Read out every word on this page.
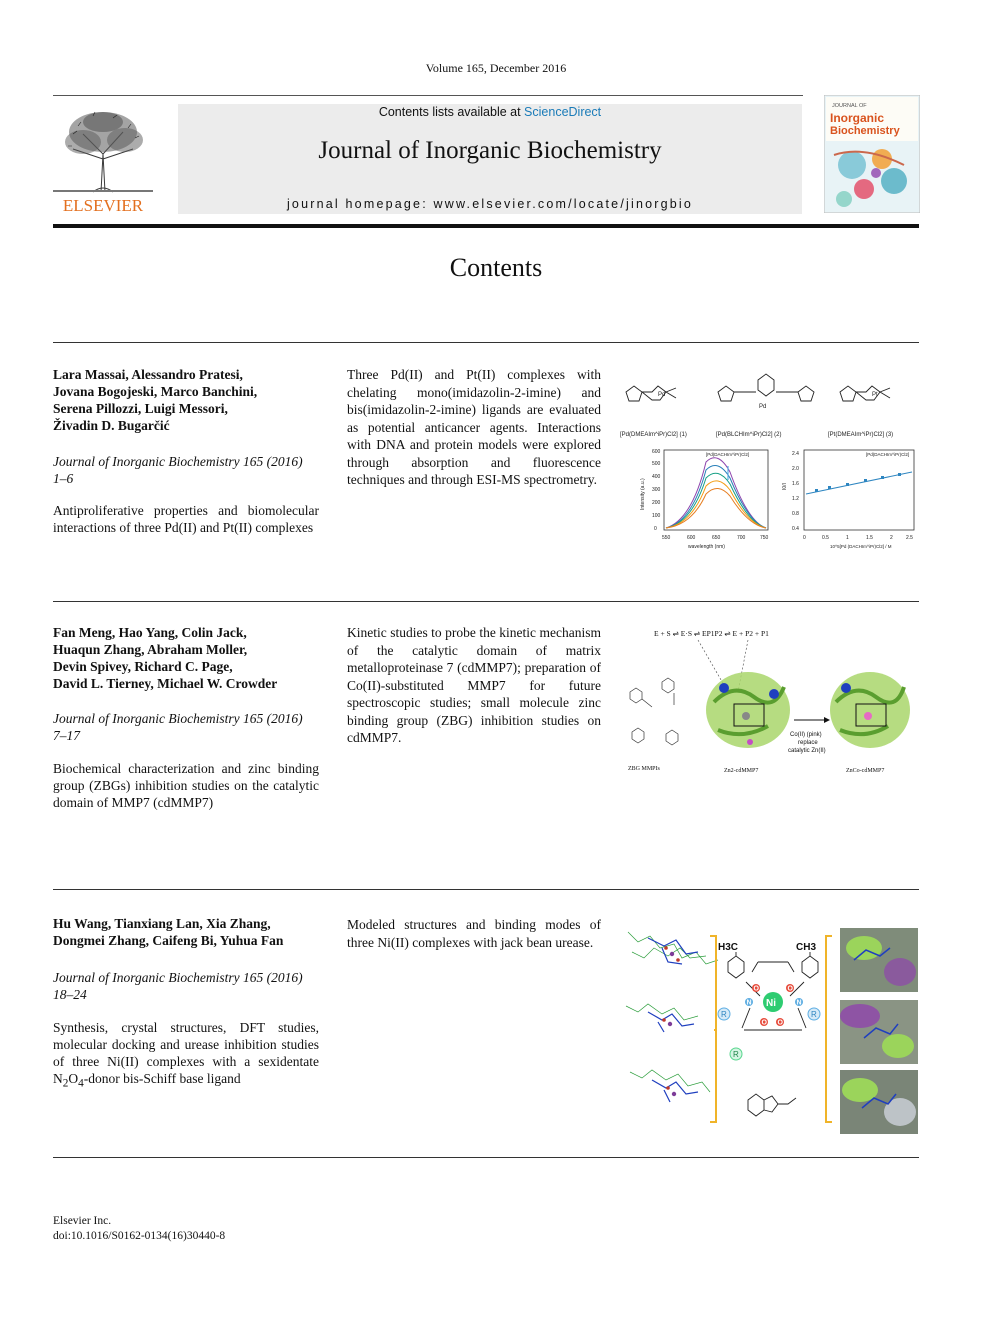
Volume 165, December 2016
ELSEVIER
Contents lists available at ScienceDirect
Journal of Inorganic Biochemistry
journal homepage: www.elsevier.com/locate/jinorgbio
JOURNAL OF
Inorganic
Biochemistry
Contents
Lara Massai, Alessandro Pratesi,
Jovana Bogojeski, Marco Banchini,
Serena Pillozzi, Luigi Messori,
Živadin D. Bugarčić
Journal of Inorganic Biochemistry 165 (2016)
1–6
Antiproliferative properties and biomolecular interactions of three Pd(II) and Pt(II) complexes
Three Pd(II) and Pt(II) complexes with chelating mono(imidazolin-2-imine) and bis(imidazolin-2-imine) ligands are evaluated as potential anticancer agents. Interactions with DNA and protein models were explored through absorption and fluorescence techniques and through ESI-MS spectrometry.
Pd
Pd
Pt
[Pd(DMEAIm^iPr)Cl2] (1)	[Pd(BLCHIm^iPr)Cl2] (2)	[Pt(DMEAIm^iPr)Cl2] (3)
[Pd(DACHIm^iPr)Cl2]
wavelength (nm)
550	600	650	700	750
0
100
200
300
400
500
600
Intensity (a.u.)
[Pd(DACHIm^iPr)Cl2]
10^5[Pd (DACHIm^iPr)Cl2] / M
0	0.5	1	1.5	2	2.5
0.4
0.8
1.2
1.6
2.0
2.4
I0/I
Fan Meng, Hao Yang, Colin Jack,
Huaqun Zhang, Abraham Moller,
Devin Spivey, Richard C. Page,
David L. Tierney, Michael W. Crowder
Journal of Inorganic Biochemistry 165 (2016)
7–17
Biochemical characterization and zinc binding group (ZBGs) inhibition studies on the catalytic domain of MMP7 (cdMMP7)
Kinetic studies to probe the kinetic mechanism of the catalytic domain of matrix metalloproteinase 7 (cdMMP7); preparation of Co(II)-substituted MMP7 for future spectroscopic studies; small molecule zinc binding group (ZBG) inhibition studies on cdMMP7.
E + S ⇌ E·S ⇌ EP1P2 ⇌ E + P2 + P1
ZBG MMPIs	Zn2-cdMMP7
Co(II) (pink)
replace
catalytic Zn(II)
ZnCo-cdMMP7
Hu Wang, Tianxiang Lan, Xia Zhang,
Dongmei Zhang, Caifeng Bi, Yuhua Fan
Journal of Inorganic Biochemistry 165 (2016)
18–24
Synthesis, crystal structures, DFT studies, molecular docking and urease inhibition studies of three Ni(II) complexes with a sexidentate $N_2O_4$-donor bis-Schiff base ligand
Modeled structures and binding modes of three Ni(II) complexes with jack bean urease.	H3C	CH3
O	O
N	N
O O
Ni
R	R
R
Elsevier Inc.
doi:10.1016/S0162-0134(16)30440-8
